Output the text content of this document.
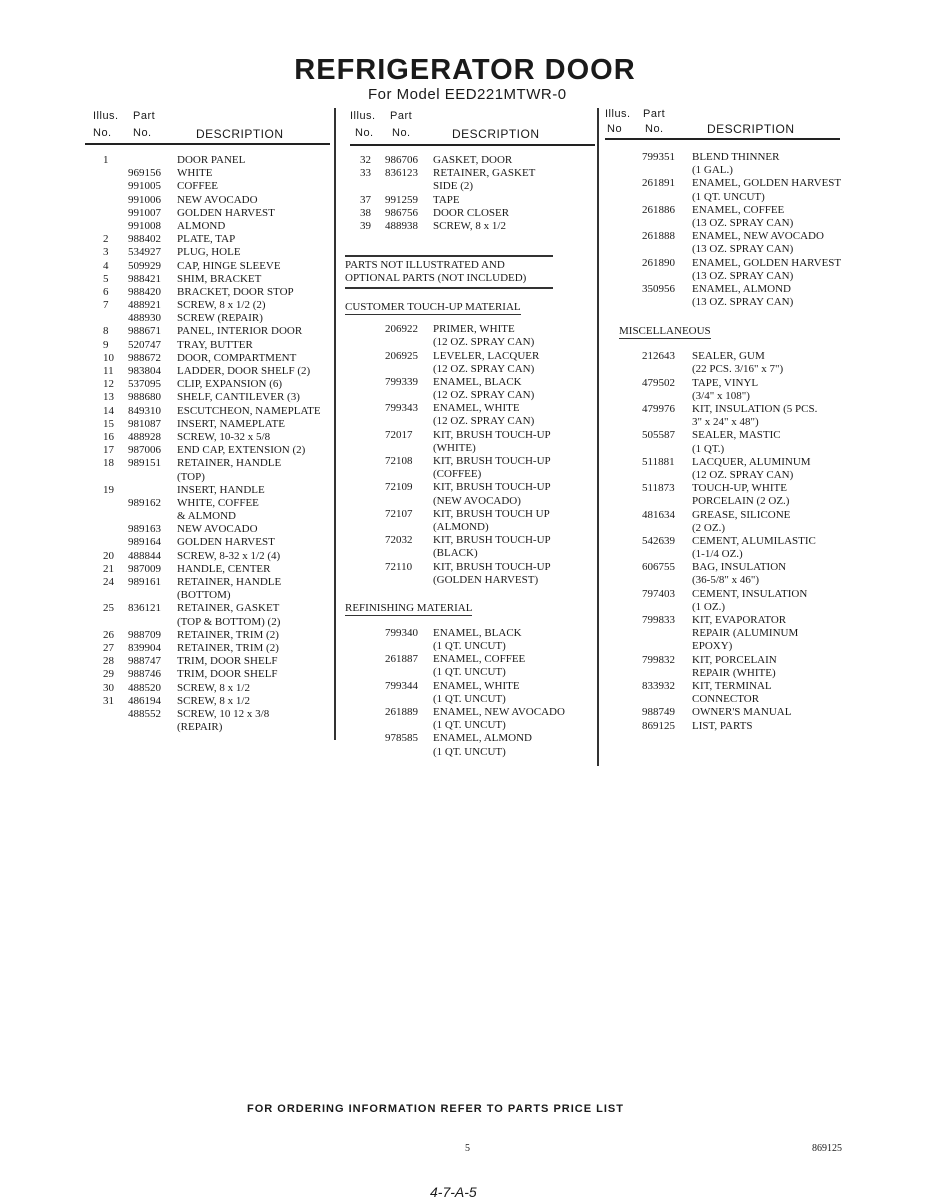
REFRIGERATOR DOOR
For Model EED221MTWR-0
Illus. Part
No. No.	DESCRIPTION
Illus. Part
No. No.	DESCRIPTION
Illus. Part
No No.	DESCRIPTION
1	DOOR PANEL
969156 WHITE
991005 COFFEE
991006 NEW AVOCADO
991007 GOLDEN HARVEST
991008 ALMOND
2 988402 PLATE, TAP
3 534927 PLUG, HOLE
4 509929 CAP, HINGE SLEEVE
5 988421 SHIM, BRACKET
6 988420 BRACKET, DOOR STOP
7 488921 SCREW, 8 x 1/2 (2)
488930 SCREW (REPAIR)
8 988671 PANEL, INTERIOR DOOR
9 520747 TRAY, BUTTER
10 988672 DOOR, COMPARTMENT
11 983804 LADDER, DOOR SHELF (2)
12 537095 CLIP, EXPANSION (6)
13 988680 SHELF, CANTILEVER (3)
14 849310 ESCUTCHEON, NAMEPLATE
15 981087 INSERT, NAMEPLATE
16 488928 SCREW, 10-32 x 5/8
17 987006 END CAP, EXTENSION (2)
18 989151 RETAINER, HANDLE
(TOP)
19	INSERT, HANDLE
989162 WHITE, COFFEE
& ALMOND
989163 NEW AVOCADO
989164 GOLDEN HARVEST
20 488844 SCREW, 8-32 x 1/2 (4)
21 987009 HANDLE, CENTER
24 989161 RETAINER, HANDLE
(BOTTOM)
25 836121 RETAINER, GASKET
(TOP & BOTTOM) (2)
26 988709 RETAINER, TRIM (2)
27 839904 RETAINER, TRIM (2)
28 988747 TRIM, DOOR SHELF
29 988746 TRIM, DOOR SHELF
30 488520 SCREW, 8 x 1/2
31 486194 SCREW, 8 x 1/2
488552 SCREW, 10 12 x 3/8
(REPAIR)
32 986706 GASKET, DOOR
33 836123 RETAINER, GASKET
SIDE (2)
37 991259 TAPE
38 986756 DOOR CLOSER
39 488938 SCREW, 8 x 1/2
PARTS NOT ILLUSTRATED AND
OPTIONAL PARTS (NOT INCLUDED)
CUSTOMER TOUCH-UP MATERIAL
206922 PRIMER, WHITE
(12 OZ. SPRAY CAN)
206925 LEVELER, LACQUER
(12 OZ. SPRAY CAN)
799339 ENAMEL, BLACK
(12 OZ. SPRAY CAN)
799343 ENAMEL, WHITE
(12 OZ. SPRAY CAN)
72017 KIT, BRUSH TOUCH-UP
(WHITE)
72108 KIT, BRUSH TOUCH-UP
(COFFEE)
72109 KIT, BRUSH TOUCH-UP
(NEW AVOCADO)
72107 KIT, BRUSH TOUCH UP
(ALMOND)
72032 KIT, BRUSH TOUCH-UP
(BLACK)
72110 KIT, BRUSH TOUCH-UP
(GOLDEN HARVEST)
REFINISHING MATERIAL
799340 ENAMEL, BLACK
(1 QT. UNCUT)
261887 ENAMEL, COFFEE
(1 QT. UNCUT)
799344 ENAMEL, WHITE
(1 QT. UNCUT)
261889 ENAMEL, NEW AVOCADO
(1 QT. UNCUT)
978585 ENAMEL, ALMOND
(1 QT. UNCUT)
799351 BLEND THINNER
(1 GAL.)
261891 ENAMEL, GOLDEN HARVEST
(1 QT. UNCUT)
261886 ENAMEL, COFFEE
(13 OZ. SPRAY CAN)
261888 ENAMEL, NEW AVOCADO
(13 OZ. SPRAY CAN)
261890 ENAMEL, GOLDEN HARVEST
(13 OZ. SPRAY CAN)
350956 ENAMEL, ALMOND
(13 OZ. SPRAY CAN)
MISCELLANEOUS
212643 SEALER, GUM
(22 PCS. 3/16" x 7")
479502 TAPE, VINYL
(3/4" x 108")
479976 KIT, INSULATION (5 PCS.
3" x 24" x 48")
505587 SEALER, MASTIC
(1 QT.)
511881 LACQUER, ALUMINUM
(12 OZ. SPRAY CAN)
511873 TOUCH-UP, WHITE
PORCELAIN (2 OZ.)
481634 GREASE, SILICONE
(2 OZ.)
542639 CEMENT, ALUMILASTIC
(1-1/4 OZ.)
606755 BAG, INSULATION
(36-5/8" x 46")
797403 CEMENT, INSULATION
(1 OZ.)
799833 KIT, EVAPORATOR
REPAIR (ALUMINUM
EPOXY)
799832 KIT, PORCELAIN
REPAIR (WHITE)
833932 KIT, TERMINAL
CONNECTOR
988749 OWNER'S MANUAL
869125 LIST, PARTS
FOR ORDERING INFORMATION REFER TO PARTS PRICE LIST
5	869125
4-7-A-5
